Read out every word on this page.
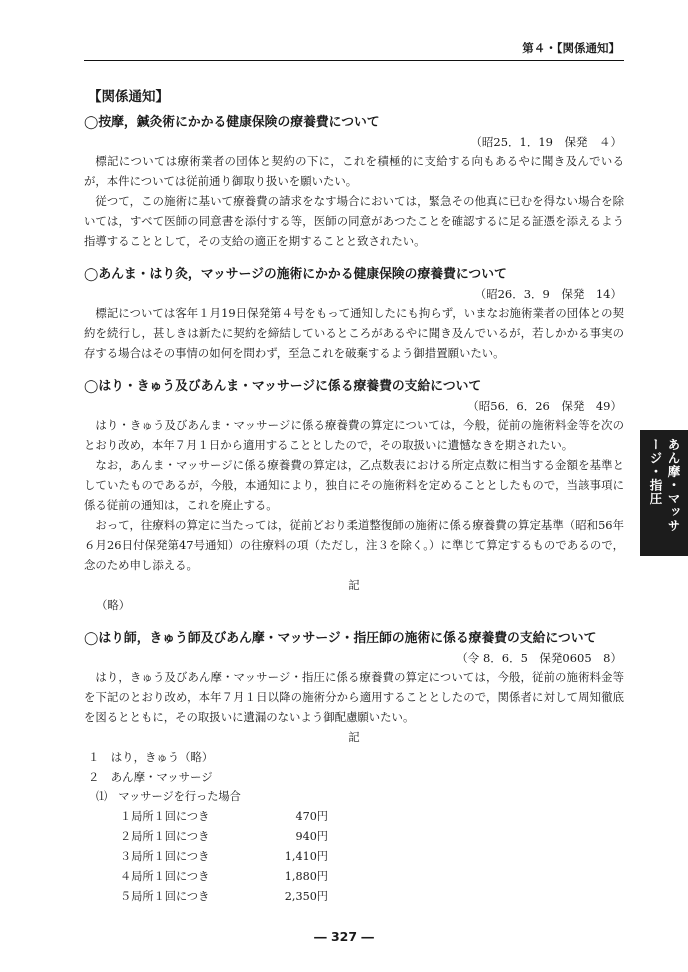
第４・【関係通知】
【関係通知】
◯按摩，鍼灸術にかかる健康保険の療養費について
（昭25．1．19　保発　４）

標記については療術業者の団体と契約の下に，これを積極的に支給する向もあるやに聞き及んでいるが，本件については従前通り御取り扱いを願いたい。

従つて，この施術に基いて療養費の請求をなす場合においては，緊急その他真に已むを得ない場合を除いては，すべて医師の同意書を添付する等，医師の同意があつたことを確認するに足る証憑を添えるよう指導することとして，その支給の適正を期することと致されたい。

◯あんま・はり灸，マッサージの施術にかかる健康保険の療養費について
（昭26．3．9　保発　14）

標記については客年１月19日保発第４号をもって通知したにも拘らず，いまなお施術業者の団体との契約を続行し，甚しきは新たに契約を締結しているところがあるやに聞き及んでいるが，若しかかる事実の存する場合はその事情の如何を問わず，至急これを破棄するよう御措置願いたい。

◯はり・きゅう及びあんま・マッサージに係る療養費の支給について
（昭56．6．26　保発　49）

はり・きゅう及びあんま・マッサージに係る療養費の算定については，今般，従前の施術料金等を次のとおり改め，本年７月１日から適用することとしたので，その取扱いに遺憾なきを期されたい。

なお，あんま・マッサージに係る療養費の算定は，乙点数表における所定点数に相当する金額を基準としていたものであるが，今般，本通知により，独自にその施術料を定めることとしたもので，当該事項に係る従前の通知は，これを廃止する。

おって，往療料の算定に当たっては，従前どおり柔道整復師の施術に係る療養費の算定基準（昭和56年６月26日付保発第47号通知）の往療料の項（ただし，注３を除く。）に準じて算定するものであるので，念のため申し添える。

記
（略）
◯はり師，きゅう師及びあん摩・マッサージ・指圧師の施術に係る療養費の支給について
（令 8．6．5　保発0605　8）

はり，きゅう及びあん摩・マッサージ・指圧に係る療養費の算定については，今般，従前の施術料金等を下記のとおり改め，本年７月１日以降の施術分から適用することとしたので，関係者に対して周知徹底を図るとともに，その取扱いに遺漏のないよう御配慮願いたい。

記
１　はり，きゅう（略）
２　あん摩・マッサージ
⑴　マッサージを行った場合
１局所１回につき	470円
２局所１回につき	940円
３局所１回につき	1,410円
４局所１回につき	1,880円
５局所１回につき	2,350円
あん摩・マッサ
ージ・指圧
― 327 ―
